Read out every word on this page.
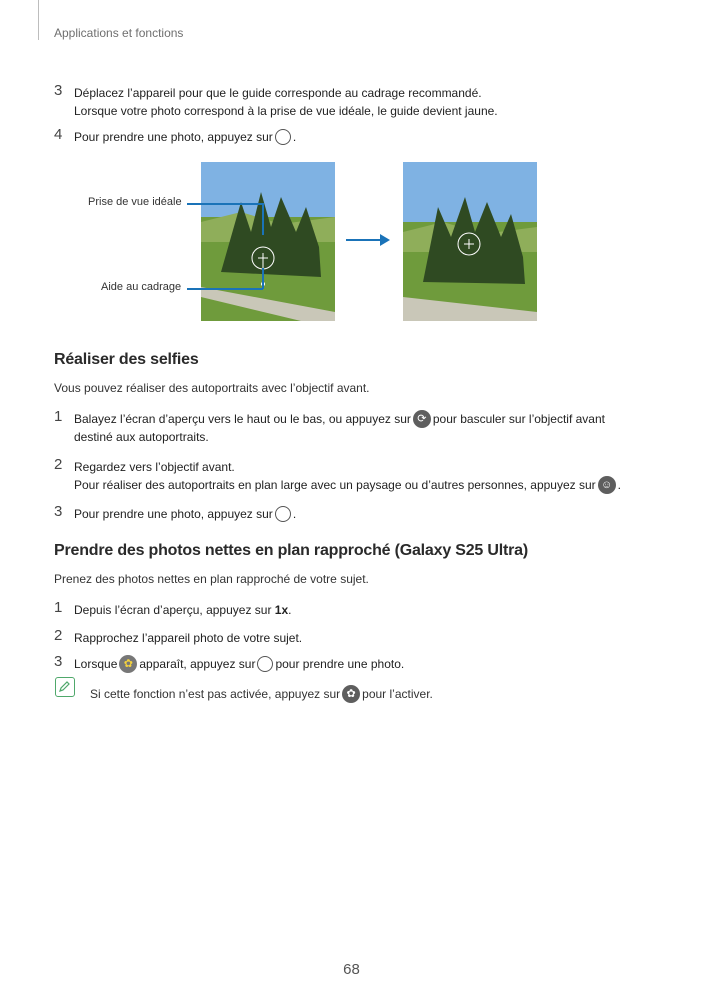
Applications et fonctions
3 Déplacez l’appareil pour que le guide corresponde au cadrage recommandé.
Lorsque votre photo correspond à la prise de vue idéale, le guide devient jaune.
4 Pour prendre une photo, appuyez sur .
Prise de vue idéale
Aide au cadrage
Réaliser des selfies
Vous pouvez réaliser des autoportraits avec l’objectif avant.
1 Balayez l’écran d’aperçu vers le haut ou le bas, ou appuyez sur ⟳ pour basculer sur l’objectif avant
destiné aux autoportraits.
2 Regardez vers l’objectif avant.
Pour réaliser des autoportraits en plan large avec un paysage ou d’autres personnes, appuyez sur ☺ .
3 Pour prendre une photo, appuyez sur .
Prendre des photos nettes en plan rapproché (Galaxy S25 Ultra)
Prenez des photos nettes en plan rapproché de votre sujet.
1 Depuis l’écran d’aperçu, appuyez sur 1x.
2 Rapprochez l’appareil photo de votre sujet.
3 Lorsque ✿ apparaît, appuyez sur pour prendre une photo.
Si cette fonction n’est pas activée, appuyez sur ✿ pour l’activer.
68
